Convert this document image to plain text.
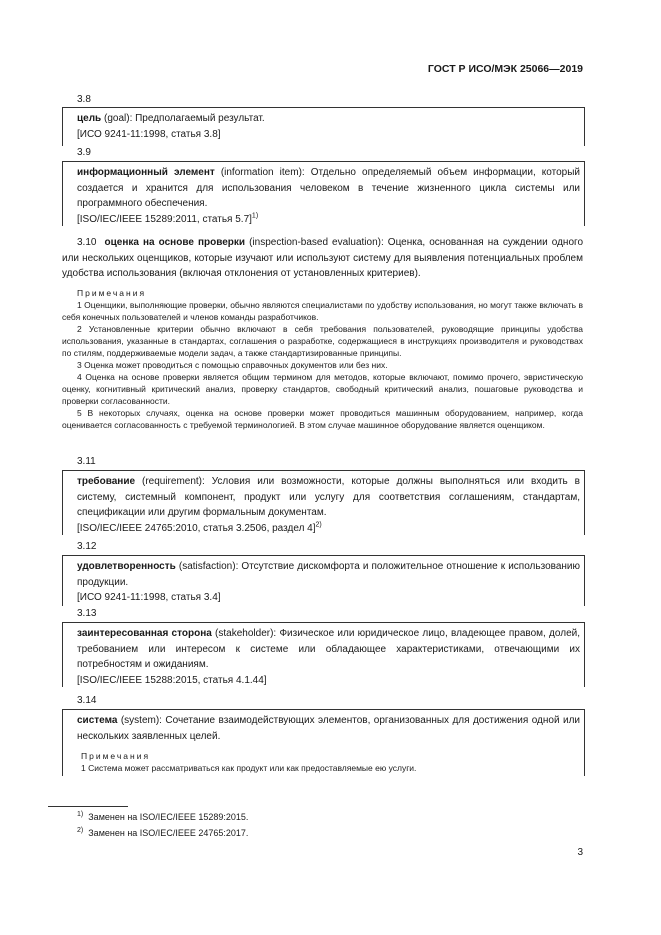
ГОСТ Р ИСО/МЭК 25066—2019
3.8
цель (goal): Предполагаемый результат.
[ИСО 9241-11:1998, статья 3.8]
3.9
информационный элемент (information item): Отдельно определяемый объем информации, который создается и хранится для использования человеком в течение жизненного цикла системы или программного обеспечения.
[ISO/IEC/IEEE 15289:2011, статья 5.7]$^{1)}$
3.10 оценка на основе проверки (inspection-based evaluation): Оценка, основанная на суждении одного или нескольких оценщиков, которые изучают или используют систему для выявления потенциальных проблем удобства использования (включая отклонения от установленных критериев).
Примечания
1 Оценщики, выполняющие проверки, обычно являются специалистами по удобству использования, но могут также включать в себя конечных пользователей и членов команды разработчиков.
2 Установленные критерии обычно включают в себя требования пользователей, руководящие принципы удобства использования, указанные в стандартах, соглашения о разработке, содержащиеся в инструкциях производителя и руководствах по стилям, поддерживаемые модели задач, а также стандартизированные принципы.
3 Оценка может проводиться с помощью справочных документов или без них.
4 Оценка на основе проверки является общим термином для методов, которые включают, помимо прочего, эвристическую оценку, когнитивный критический анализ, проверку стандартов, свободный критический анализ, пошаговые руководства и проверки согласованности.
5 В некоторых случаях, оценка на основе проверки может проводиться машинным оборудованием, например, когда оценивается согласованность с требуемой терминологией. В этом случае машинное оборудование является оценщиком.
3.11
требование (requirement): Условия или возможности, которые должны выполняться или входить в систему, системный компонент, продукт или услугу для соответствия соглашениям, стандартам, спецификации или другим формальным документам.
[ISO/IEC/IEEE 24765:2010, статья 3.2506, раздел 4]$^{2)}$
3.12
удовлетворенность (satisfaction): Отсутствие дискомфорта и положительное отношение к использованию продукции.
[ИСО 9241-11:1998, статья 3.4]
3.13
заинтересованная сторона (stakeholder): Физическое или юридическое лицо, владеющее правом, долей, требованием или интересом к системе или обладающее характеристиками, отвечающими их потребностям и ожиданиям.
[ISO/IEC/IEEE 15288:2015, статья 4.1.44]
3.14
система (system): Сочетание взаимодействующих элементов, организованных для достижения одной или нескольких заявленных целей.
Примечания
1 Система может рассматриваться как продукт или как предоставляемые ею услуги.
$^{1)}$ Заменен на ISO/IEC/IEEE 15289:2015.
$^{2)}$ Заменен на ISO/IEC/IEEE 24765:2017.
3
